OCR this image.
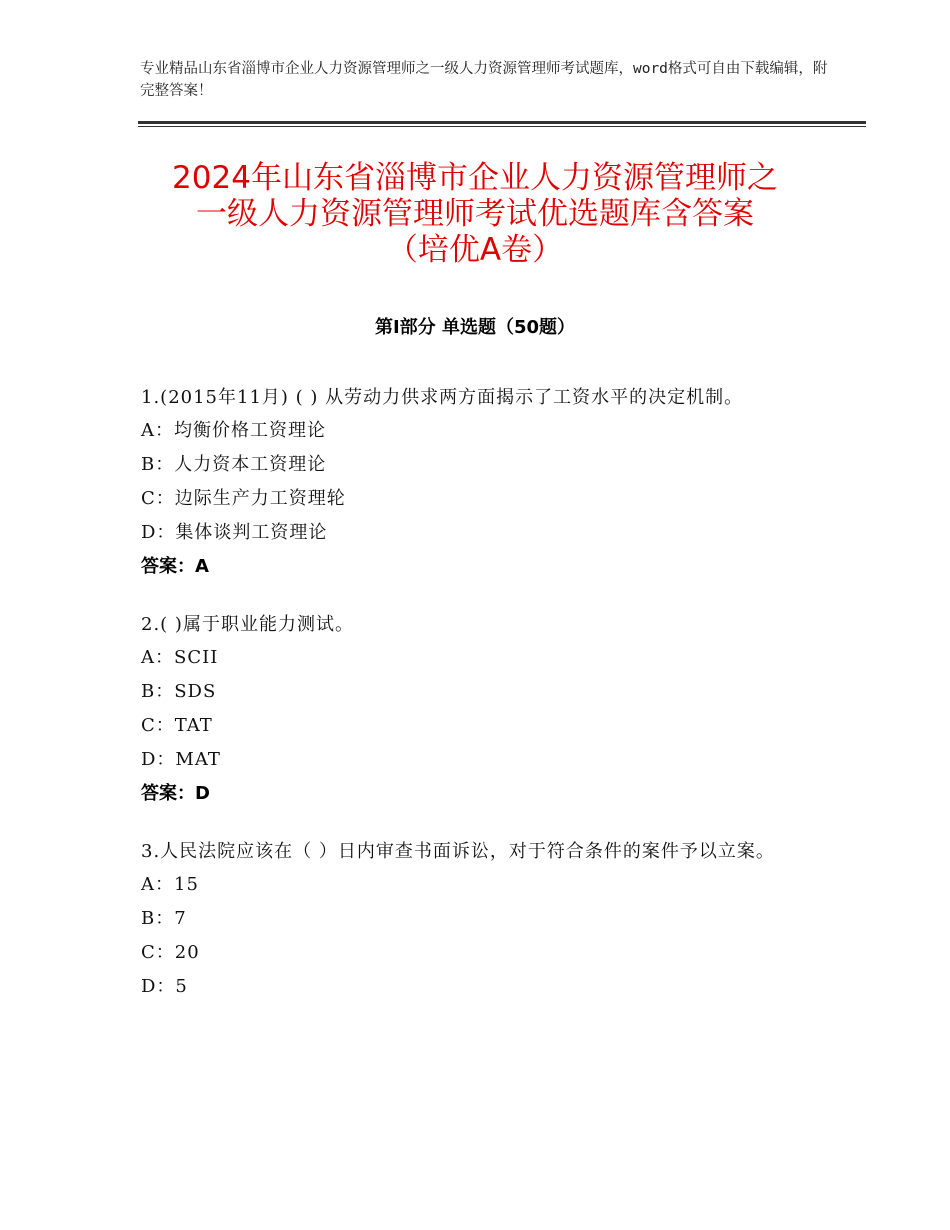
专业精品山东省淄博市企业人力资源管理师之一级人力资源管理师考试题库，word格式可自由下载编辑，附完整答案！
2024年山东省淄博市企业人力资源管理师之
一级人力资源管理师考试优选题库含答案
（培优A卷）
第Ⅰ部分 单选题（50题）
1.(2015年11月) ( ) 从劳动力供求两方面揭示了工资水平的决定机制。
A：均衡价格工资理论
B：人力资本工资理论
C：边际生产力工资理轮
D：集体谈判工资理论
答案：A
2.( )属于职业能力测试。
A：SCII
B：SDS
C：TAT
D：MAT
答案：D
3.人民法院应该在（ ）日内审查书面诉讼，对于符合条件的案件予以立案。
A：15
B：7
C：20
D：5
